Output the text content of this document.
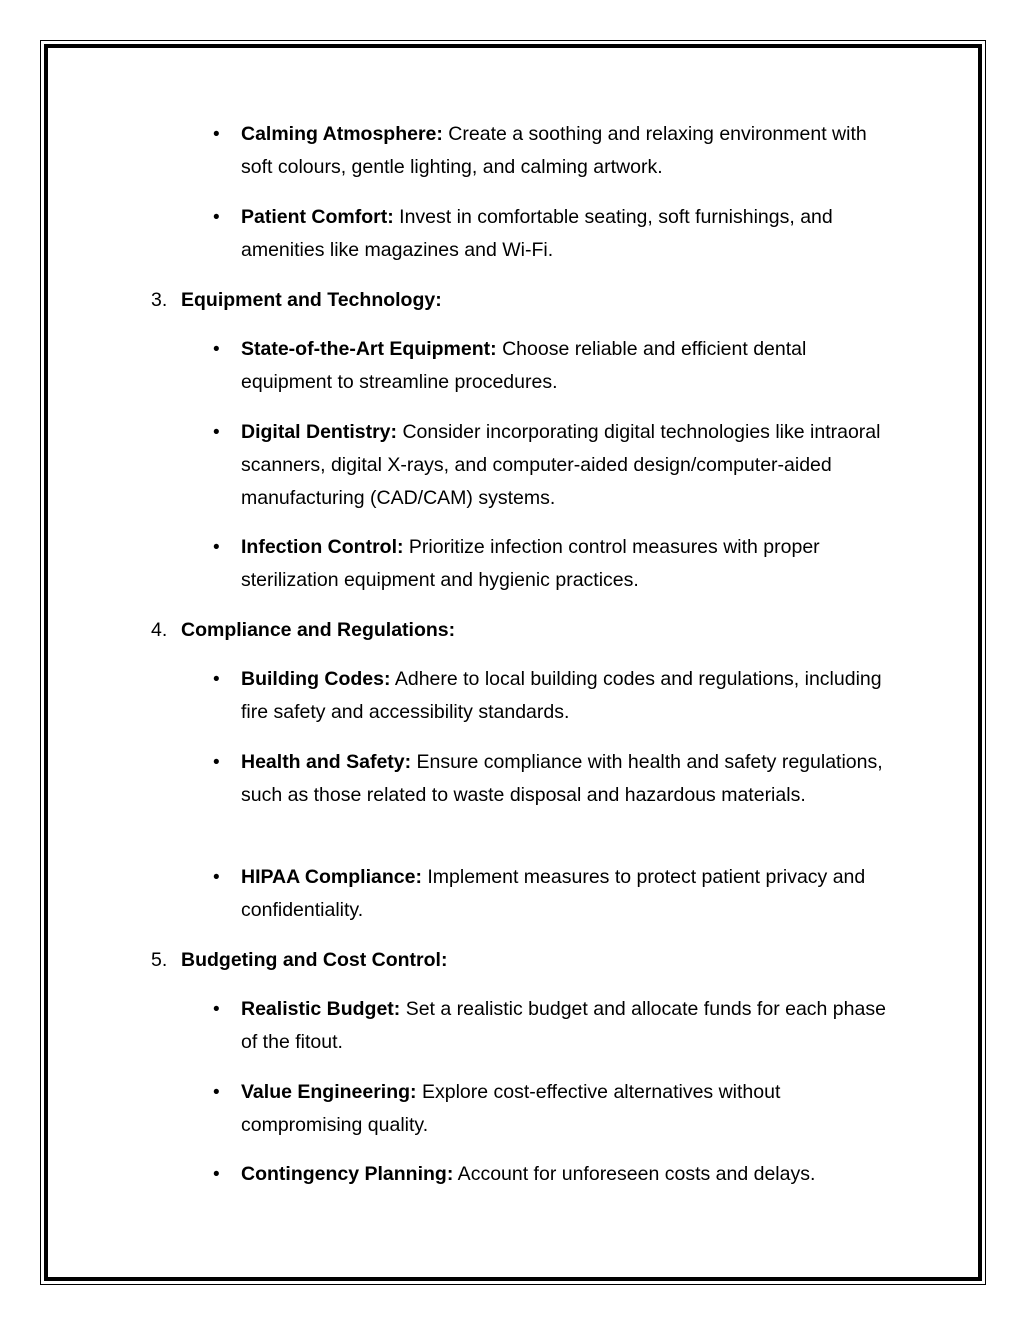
• Calming Atmosphere: Create a soothing and relaxing environment with soft colours, gentle lighting, and calming artwork.
• Patient Comfort: Invest in comfortable seating, soft furnishings, and amenities like magazines and Wi-Fi.
3. Equipment and Technology:
• State-of-the-Art Equipment: Choose reliable and efficient dental equipment to streamline procedures.
• Digital Dentistry: Consider incorporating digital technologies like intraoral scanners, digital X-rays, and computer-aided design/computer-aided manufacturing (CAD/CAM) systems.
• Infection Control: Prioritize infection control measures with proper sterilization equipment and hygienic practices.
4. Compliance and Regulations:
• Building Codes: Adhere to local building codes and regulations, including fire safety and accessibility standards.
• Health and Safety: Ensure compliance with health and safety regulations, such as those related to waste disposal and hazardous materials.
• HIPAA Compliance: Implement measures to protect patient privacy and confidentiality.
5. Budgeting and Cost Control:
• Realistic Budget: Set a realistic budget and allocate funds for each phase of the fitout.
• Value Engineering: Explore cost-effective alternatives without compromising quality.
• Contingency Planning: Account for unforeseen costs and delays.
